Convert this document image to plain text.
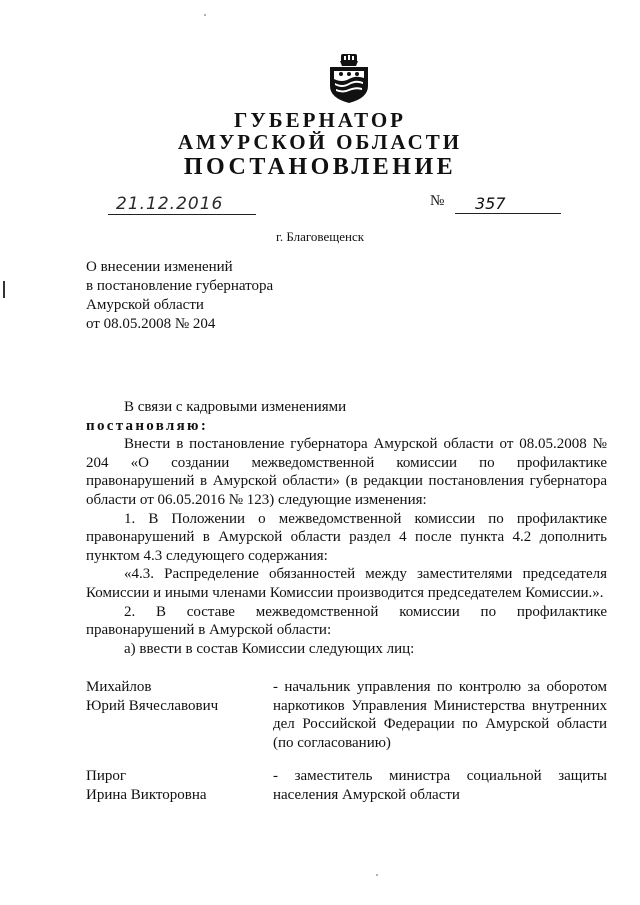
ГУБЕРНАТОР
АМУРСКОЙ ОБЛАСТИ
ПОСТАНОВЛЕНИЕ
21.12.2016	№	357
г. Благовещенск
О внесении изменений
в постановление губернатора
Амурской области
от 08.05.2008 № 204

В связи с кадровыми изменениями

постановляю:

Внести в постановление губернатора Амурской области от 08.05.2008 № 204 «О создании межведомственной комиссии по профилактике правонарушений в Амурской области» (в редакции постановления губернатора области от 06.05.2016 № 123) следующие изменения:

1. В Положении о межведомственной комиссии по профилактике правонарушений в Амурской области раздел 4 после пункта 4.2 дополнить пунктом 4.3 следующего содержания:

«4.3. Распределение обязанностей между заместителями председателя Комиссии и иными членами Комиссии производится председателем Комиссии.».

2. В составе межведомственной комиссии по профилактике правонарушений в Амурской области:

а) ввести в состав Комиссии следующих лиц:

Михайлов
Юрий Вячеславович
- начальник управления по контролю за оборотом наркотиков Управления Министерства внутренних дел Российской Федерации по Амурской области (по согласованию)
Пирог
Ирина Викторовна
- заместитель министра социальной защиты населения Амурской области
